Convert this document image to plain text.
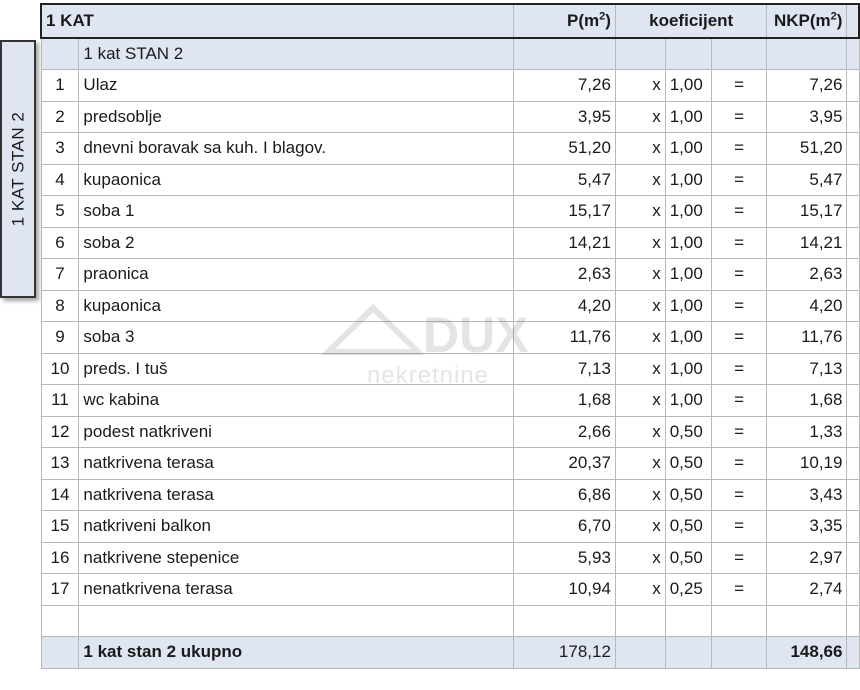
1 KAT STAN 2
1 KAT		$P(m^2)$	koeficijent			$NKP(m^2)$	
	1 kat STAN 2						
1	Ulaz	7,26	x	1,00	=	7,26	
2	predsoblje	3,95	x	1,00	=	3,95	
3	dnevni boravak sa kuh. I blagov.	51,20	x	1,00	=	51,20	
4	kupaonica	5,47	x	1,00	=	5,47	
5	soba 1	15,17	x	1,00	=	15,17	
6	soba 2	14,21	x	1,00	=	14,21	
7	praonica	2,63	x	1,00	=	2,63	
8	kupaonica	4,20	x	1,00	=	4,20	
9	soba 3	11,76	x	1,00	=	11,76	
10	preds. I tuš	7,13	x	1,00	=	7,13	
11	wc kabina	1,68	x	1,00	=	1,68	
12	podest natkriveni	2,66	x	0,50	=	1,33	
13	natkrivena terasa	20,37	x	0,50	=	10,19	
14	natkrivena terasa	6,86	x	0,50	=	3,43	
15	natkriveni balkon	6,70	x	0,50	=	3,35	
16	natkrivene stepenice	5,93	x	0,50	=	2,97	
17	nenatkrivena terasa	10,94	x	0,25	=	2,74	

	1 kat stan 2 ukupno	178,12				148,66	
DUX
nekretnine
